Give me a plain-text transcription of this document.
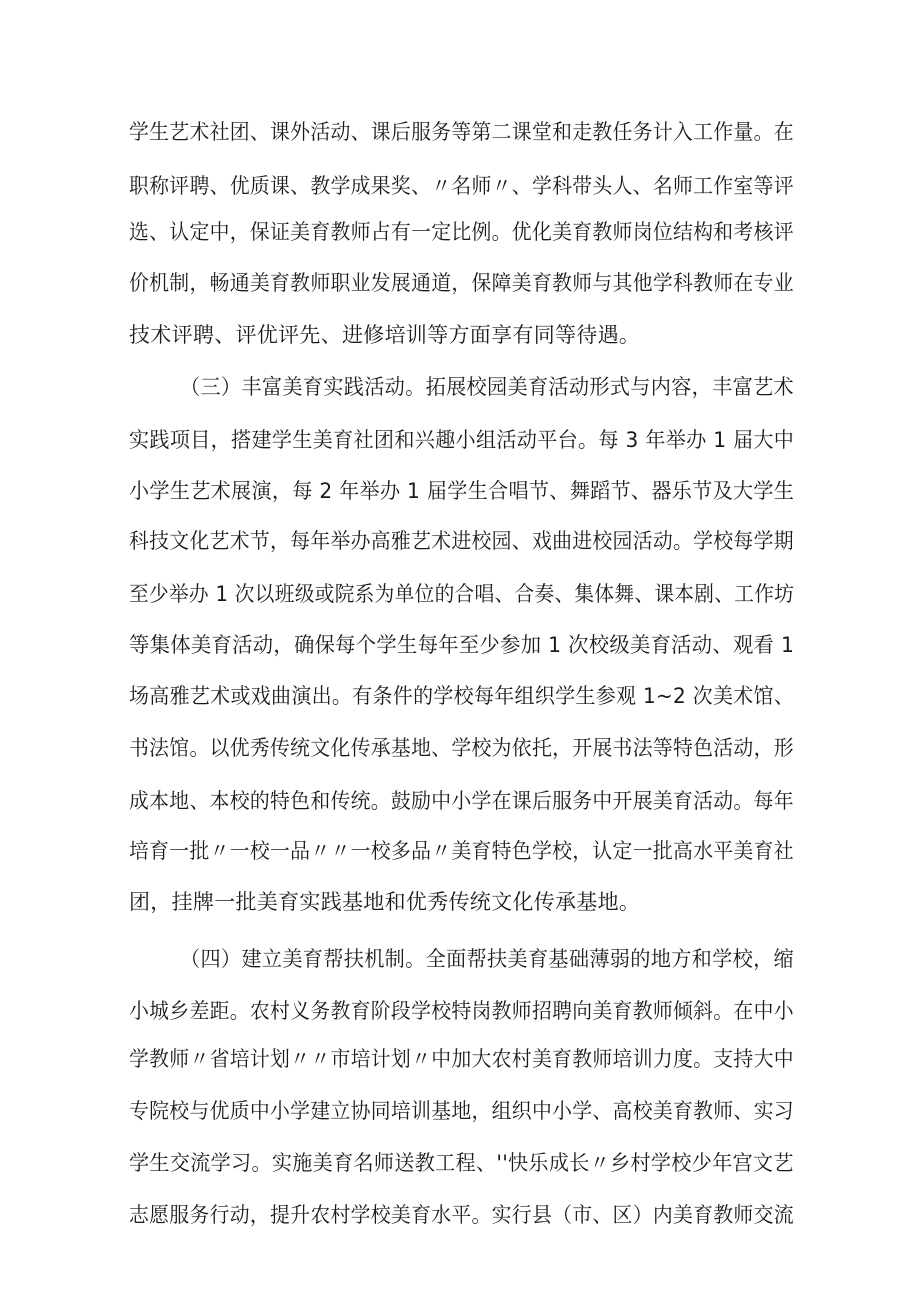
学生艺术社团、课外活动、课后服务等第二课堂和走教任务计入工作量。在
职称评聘、优质课、教学成果奖、〃名师〃、学科带头人、名师工作室等评
选、认定中，保证美育教师占有一定比例。优化美育教师岗位结构和考核评
价机制，畅通美育教师职业发展通道，保障美育教师与其他学科教师在专业
技术评聘、评优评先、进修培训等方面享有同等待遇。
（三）丰富美育实践活动。拓展校园美育活动形式与内容，丰富艺术
实践项目，搭建学生美育社团和兴趣小组活动平台。每 3 年举办 1 届大中
小学生艺术展演，每 2 年举办 1 届学生合唱节、舞蹈节、器乐节及大学生
科技文化艺术节，每年举办高雅艺术进校园、戏曲进校园活动。学校每学期
至少举办 1 次以班级或院系为单位的合唱、合奏、集体舞、课本剧、工作坊
等集体美育活动，确保每个学生每年至少参加 1 次校级美育活动、观看 1
场高雅艺术或戏曲演出。有条件的学校每年组织学生参观 1~2 次美术馆、
书法馆。以优秀传统文化传承基地、学校为依托，开展书法等特色活动，形
成本地、本校的特色和传统。鼓励中小学在课后服务中开展美育活动。每年
培育一批〃一校一品〃〃一校多品〃美育特色学校，认定一批高水平美育社
团，挂牌一批美育实践基地和优秀传统文化传承基地。
（四）建立美育帮扶机制。全面帮扶美育基础薄弱的地方和学校，缩
小城乡差距。农村义务教育阶段学校特岗教师招聘向美育教师倾斜。在中小
学教师〃省培计划〃〃市培计划〃中加大农村美育教师培训力度。支持大中
专院校与优质中小学建立协同培训基地，组织中小学、高校美育教师、实习
学生交流学习。实施美育名师送教工程、''快乐成长〃乡村学校少年宫文艺
志愿服务行动，提升农村学校美育水平。实行县（市、区）内美育教师交流
